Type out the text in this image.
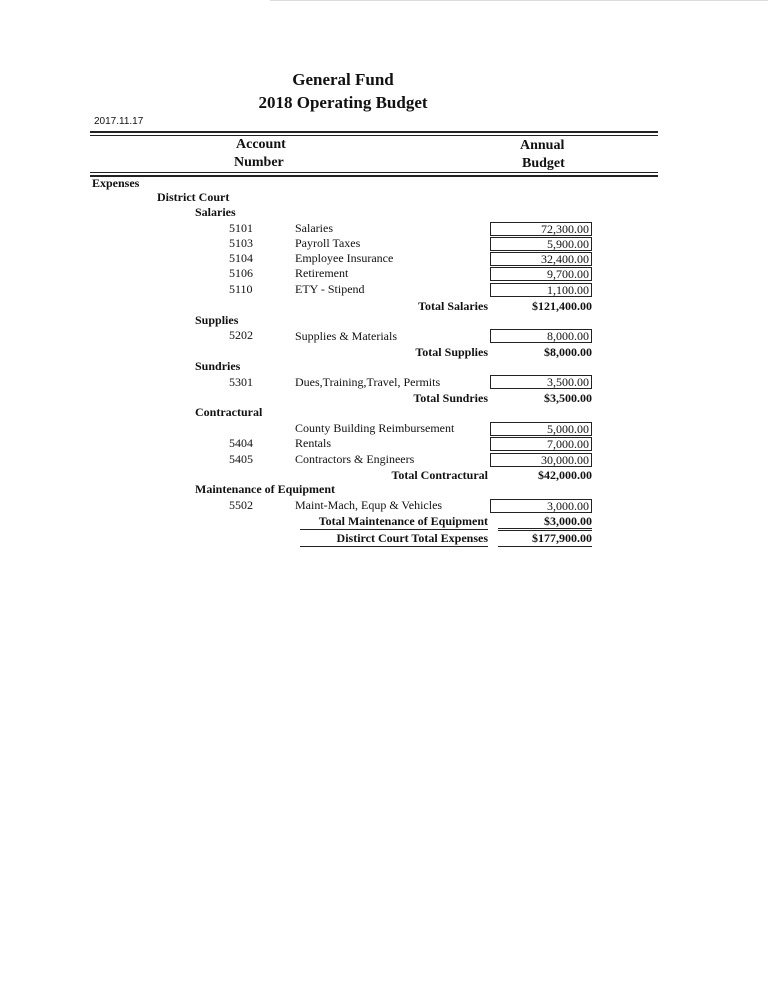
General Fund
2018 Operating Budget
2017.11.17
Account
Number
Annual
Budget
Expenses
District Court
Salaries
5101	Salaries	72,300.00
5103	Payroll Taxes	5,900.00
5104	Employee Insurance	32,400.00
5106	Retirement	9,700.00
5110	ETY - Stipend	1,100.00
Total Salaries	$121,400.00
Supplies
5202	Supplies & Materials	8,000.00
Total Supplies	$8,000.00
Sundries
5301	Dues,Training,Travel, Permits	3,500.00
Total Sundries	$3,500.00
Contractural
County Building Reimbursement	5,000.00
5404	Rentals	7,000.00
5405	Contractors & Engineers	30,000.00
Total Contractural	$42,000.00
Maintenance of Equipment
5502	Maint-Mach, Equp & Vehicles	3,000.00
Total Maintenance of Equipment	$3,000.00
Distirct Court Total Expenses	$177,900.00
